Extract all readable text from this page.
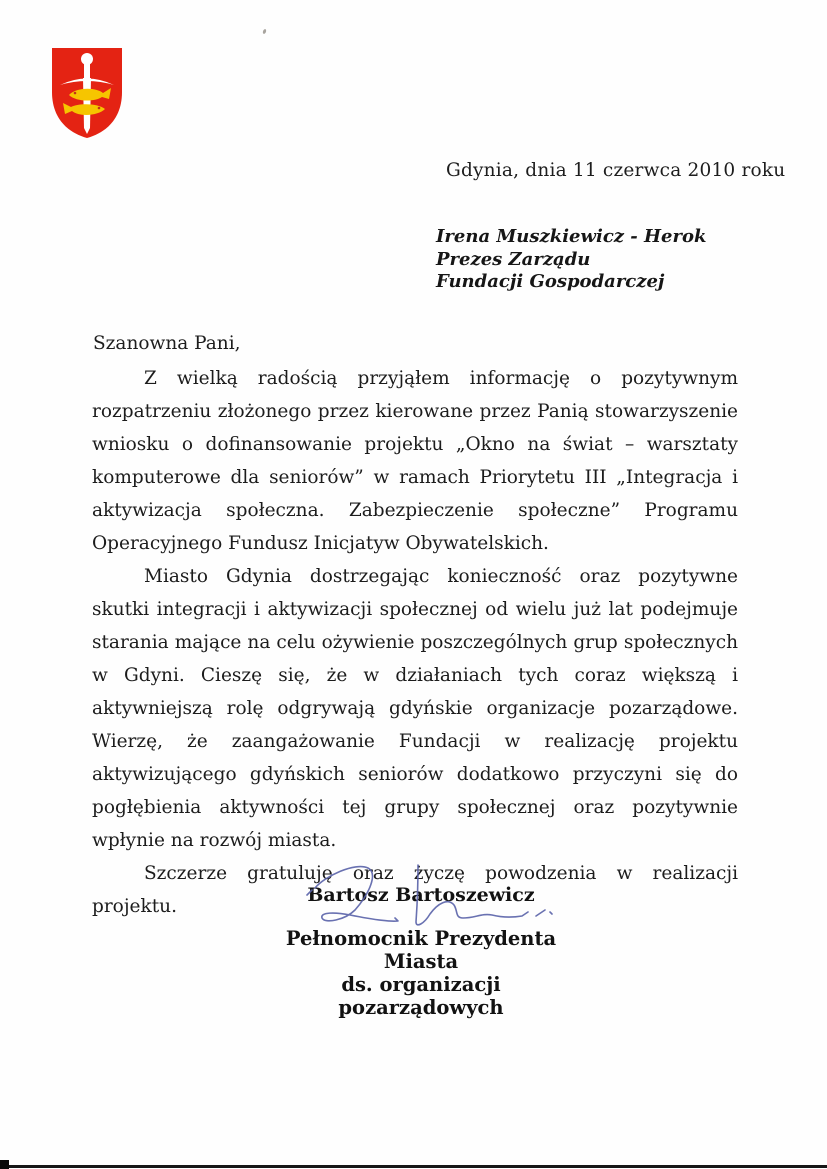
Gdynia, dnia 11 czerwca 2010 roku
Irena Muszkiewicz - Herok
Prezes Zarządu
Fundacji Gospodarczej
Szanowna Pani,

Z wielką radością przyjąłem informację o pozytywnym rozpatrzeniu złożonego przez kierowane przez Panią stowarzyszenie wniosku o dofinansowanie projektu „Okno na świat – warsztaty komputerowe dla seniorów” w ramach Priorytetu III „Integracja i aktywizacja społeczna. Zabezpieczenie społeczne” Programu Operacyjnego Fundusz Inicjatyw Obywatelskich.

Miasto Gdynia dostrzegając konieczność oraz pozytywne skutki integracji i aktywizacji społecznej od wielu już lat podejmuje starania mające na celu ożywienie poszczególnych grup społecznych w Gdyni. Cieszę się, że w działaniach tych coraz większą i aktywniejszą rolę odgrywają gdyńskie organizacje pozarządowe. Wierzę, że zaangażowanie Fundacji w realizację projektu aktywizującego gdyńskich seniorów dodatkowo przyczyni się do pogłębienia aktywności tej grupy społecznej oraz pozytywnie wpłynie na rozwój miasta.

Szczerze gratuluję oraz życzę powodzenia w realizacji projektu.

Bartosz Bartoszewicz
Pełnomocnik Prezydenta Miasta
ds. organizacji pozarządowych
